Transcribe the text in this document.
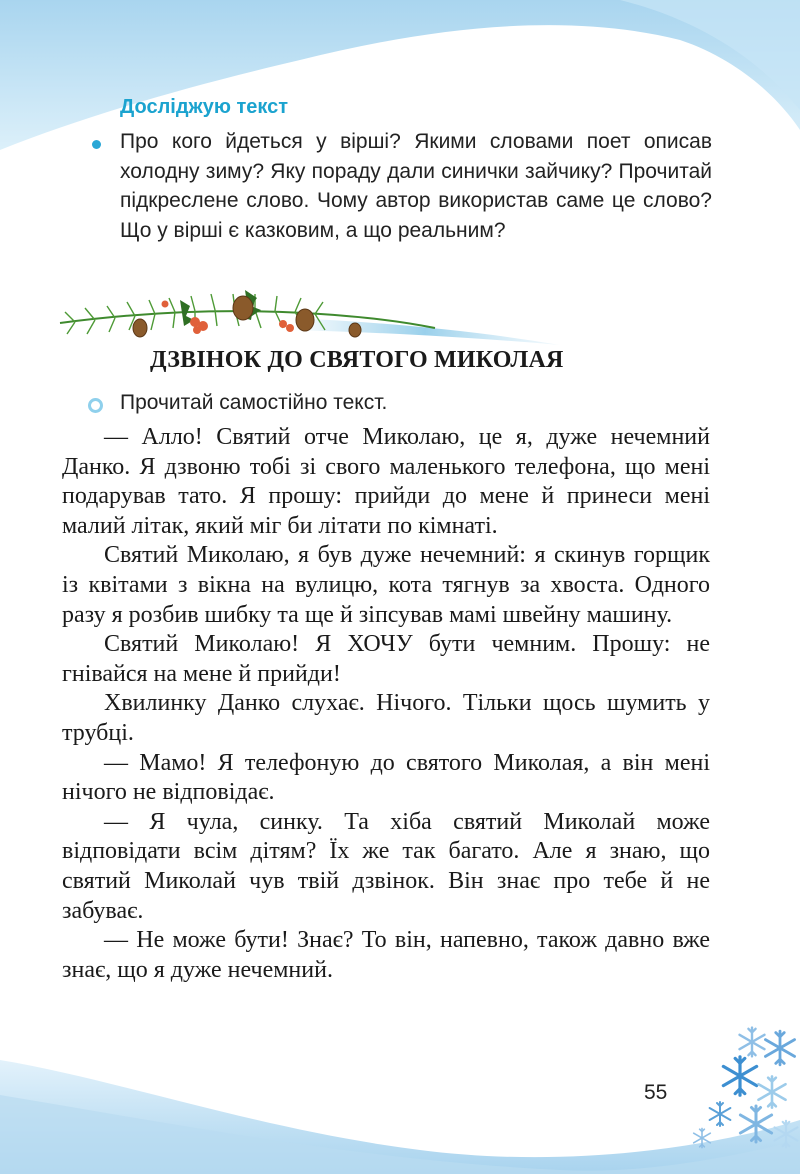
Досліджую текст

Про кого йдеться у вірші? Якими словами поет описав холодну зиму? Яку пораду дали синички зайчику? Прочитай підкреслене слово. Чому автор використав саме це слово? Що у вірші є казковим, а що реальним?

ДЗВІНОК ДО СВЯТОГО МИКОЛАЯ

Прочитай самостійно текст.

— Алло! Святий отче Миколаю, це я, дуже нечемний Данко. Я дзвоню тобі зі свого маленького телефона, що мені подарував тато. Я прошу: прийди до мене й принеси мені малий літак, який міг би літати по кімнаті.

Святий Миколаю, я був дуже нечемний: я скинув горщик із квітами з вікна на вулицю, кота тягнув за хвоста. Одного разу я розбив шибку та ще й зіпсував мамі швейну машину.

Святий Миколаю! Я ХОЧУ бути чемним. Прошу: не гнівайся на мене й прийди!

Хвилинку Данко слухає. Нічого. Тільки щось шумить у трубці.

— Мамо! Я телефоную до святого Миколая, а він мені нічого не відповідає.

— Я чула, синку. Та хіба святий Миколай може відповідати всім дітям? Їх же так багато. Але я знаю, що святий Миколай чув твій дзвінок. Він знає про тебе й не забуває.

— Не може бути! Знає? То він, напевно, також давно вже знає, що я дуже нечемний.

55
